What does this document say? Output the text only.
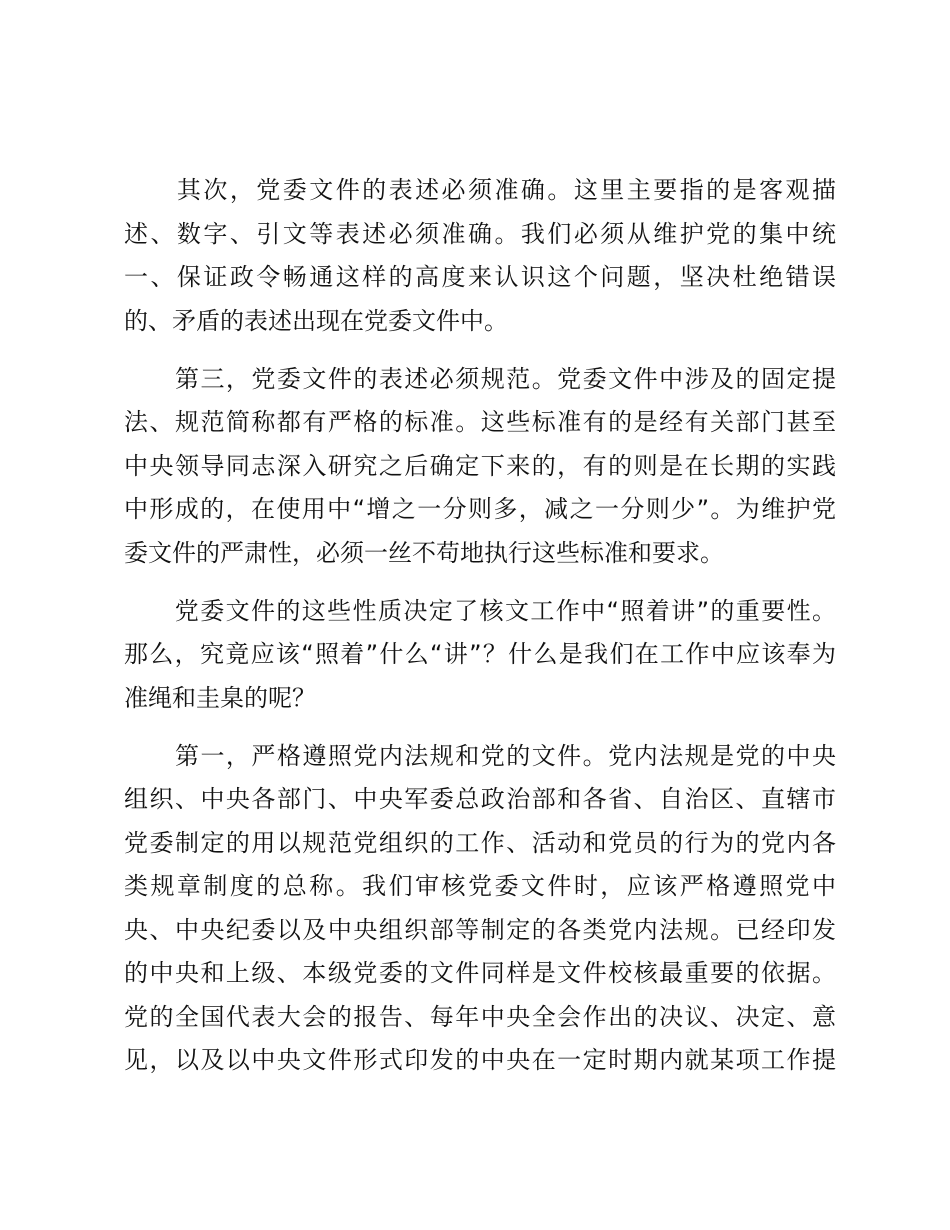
　　其次，党委文件的表述必须准确。这里主要指的是客观描
述、数字、引文等表述必须准确。我们必须从维护党的集中统
一、保证政令畅通这样的高度来认识这个问题，坚决杜绝错误
的、矛盾的表述出现在党委文件中。

　　第三，党委文件的表述必须规范。党委文件中涉及的固定提
法、规范简称都有严格的标准。这些标准有的是经有关部门甚至
中央领导同志深入研究之后确定下来的，有的则是在长期的实践
中形成的，在使用中“增之一分则多，减之一分则少”。为维护党
委文件的严肃性，必须一丝不苟地执行这些标准和要求。

　　党委文件的这些性质决定了核文工作中“照着讲”的重要性。
那么，究竟应该“照着”什么“讲”？什么是我们在工作中应该奉为
准绳和圭臬的呢？

　　第一，严格遵照党内法规和党的文件。党内法规是党的中央
组织、中央各部门、中央军委总政治部和各省、自治区、直辖市
党委制定的用以规范党组织的工作、活动和党员的行为的党内各
类规章制度的总称。我们审核党委文件时，应该严格遵照党中
央、中央纪委以及中央组织部等制定的各类党内法规。已经印发
的中央和上级、本级党委的文件同样是文件校核最重要的依据。
党的全国代表大会的报告、每年中央全会作出的决议、决定、意
见，以及以中央文件形式印发的中央在一定时期内就某项工作提
